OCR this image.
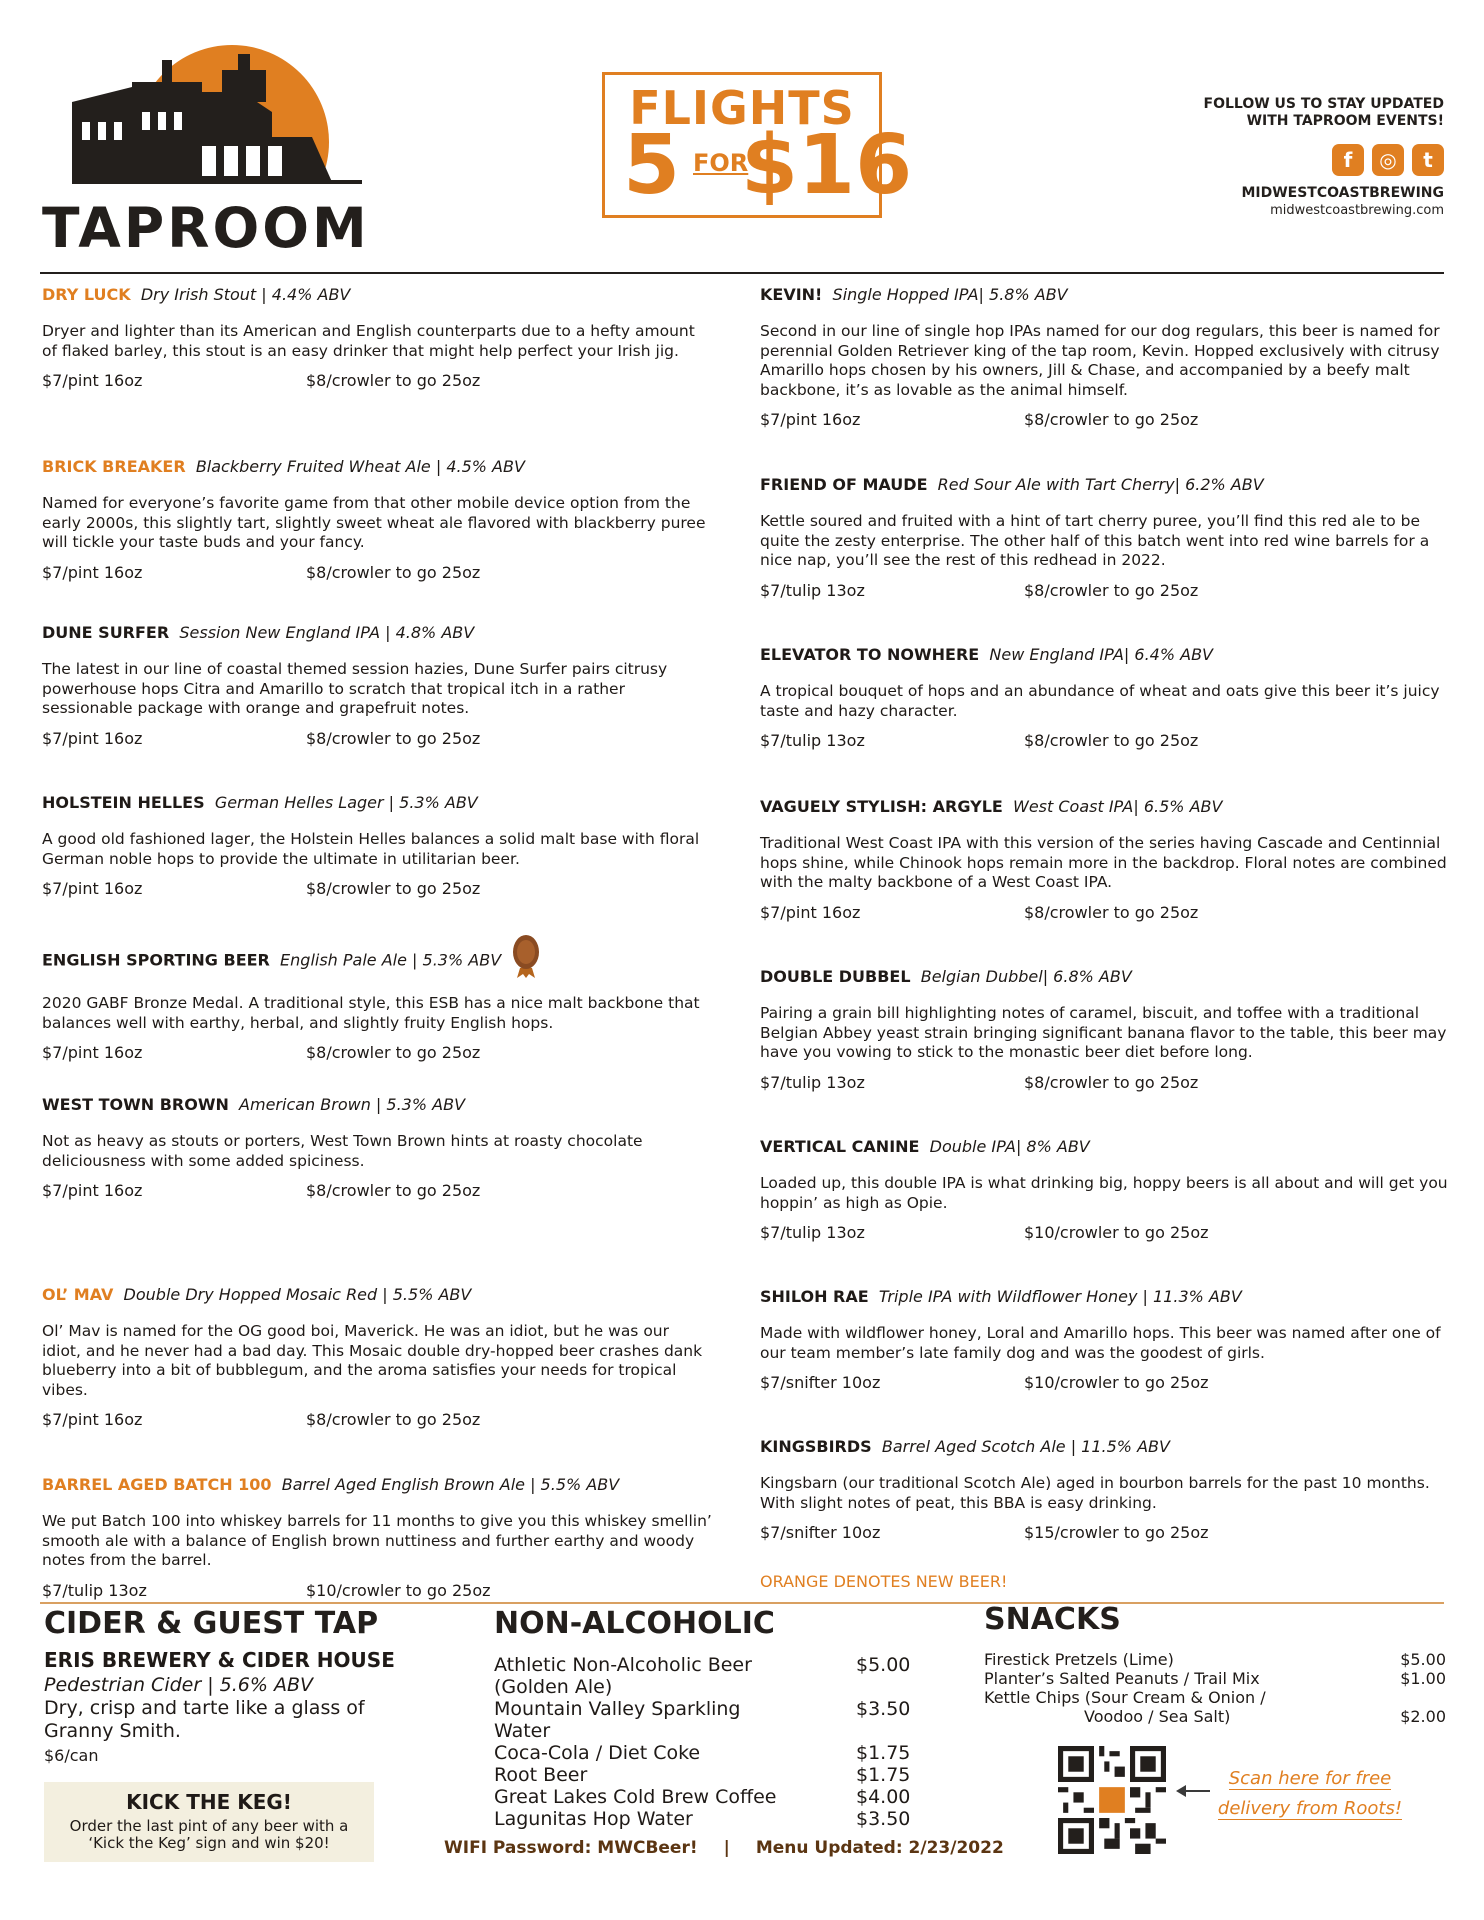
TAPROOM
FLIGHTS
5 FOR
$16
FOLLOW US TO STAY UPDATED
WITH TAPROOM EVENTS!
f	◎	t
MIDWESTCOASTBREWING
midwestcoastbrewing.com
DRY LUCK Dry Irish Stout | 4.4% ABV
Dryer and lighter than its American and English counterparts due to a hefty amount of flaked barley, this stout is an easy drinker that might help perfect your Irish jig.
$7/pint 16oz	$8/crowler to go 25oz
BRICK BREAKER Blackberry Fruited Wheat Ale | 4.5% ABV
Named for everyone’s favorite game from that other mobile device option from the early 2000s, this slightly tart, slightly sweet wheat ale flavored with blackberry puree will tickle your taste buds and your fancy.
$7/pint 16oz	$8/crowler to go 25oz
DUNE SURFER Session New England IPA | 4.8% ABV
The latest in our line of coastal themed session hazies, Dune Surfer pairs citrusy powerhouse hops Citra and Amarillo to scratch that tropical itch in a rather sessionable package with orange and grapefruit notes.
$7/pint 16oz	$8/crowler to go 25oz
HOLSTEIN HELLES German Helles Lager | 5.3% ABV
A good old fashioned lager, the Holstein Helles balances a solid malt base with floral German noble hops to provide the ultimate in utilitarian beer.
$7/pint 16oz	$8/crowler to go 25oz
ENGLISH SPORTING BEER English Pale Ale | 5.3% ABV
2020 GABF Bronze Medal. A traditional style, this ESB has a nice malt backbone that balances well with earthy, herbal, and slightly fruity English hops.
$7/pint 16oz	$8/crowler to go 25oz
WEST TOWN BROWN American Brown | 5.3% ABV
Not as heavy as stouts or porters, West Town Brown hints at roasty chocolate deliciousness with some added spiciness.
$7/pint 16oz	$8/crowler to go 25oz
OL’ MAV Double Dry Hopped Mosaic Red | 5.5% ABV
Ol’ Mav is named for the OG good boi, Maverick. He was an idiot, but he was our idiot, and he never had a bad day. This Mosaic double dry-hopped beer crashes dank blueberry into a bit of bubblegum, and the aroma satisfies your needs for tropical vibes.
$7/pint 16oz	$8/crowler to go 25oz
BARREL AGED BATCH 100 Barrel Aged English Brown Ale | 5.5% ABV
We put Batch 100 into whiskey barrels for 11 months to give you this whiskey smellin’ smooth ale with a balance of English brown nuttiness and further earthy and woody notes from the barrel.
$7/tulip 13oz	$10/crowler to go 25oz
KEVIN! Single Hopped IPA| 5.8% ABV
Second in our line of single hop IPAs named for our dog regulars, this beer is named for perennial Golden Retriever king of the tap room, Kevin. Hopped exclusively with citrusy Amarillo hops chosen by his owners, Jill & Chase, and accompanied by a beefy malt backbone, it’s as lovable as the animal himself.
$7/pint 16oz	$8/crowler to go 25oz
FRIEND OF MAUDE Red Sour Ale with Tart Cherry| 6.2% ABV
Kettle soured and fruited with a hint of tart cherry puree, you’ll find this red ale to be quite the zesty enterprise. The other half of this batch went into red wine barrels for a nice nap, you’ll see the rest of this redhead in 2022.
$7/tulip 13oz	$8/crowler to go 25oz
ELEVATOR TO NOWHERE New England IPA| 6.4% ABV
A tropical bouquet of hops and an abundance of wheat and oats give this beer it’s juicy taste and hazy character.
$7/tulip 13oz	$8/crowler to go 25oz
VAGUELY STYLISH: ARGYLE West Coast IPA| 6.5% ABV
Traditional West Coast IPA with this version of the series having Cascade and Centinnial hops shine, while Chinook hops remain more in the backdrop. Floral notes are combined with the malty backbone of a West Coast IPA.
$7/pint 16oz	$8/crowler to go 25oz
DOUBLE DUBBEL Belgian Dubbel| 6.8% ABV
Pairing a grain bill highlighting notes of caramel, biscuit, and toffee with a traditional Belgian Abbey yeast strain bringing significant banana flavor to the table, this beer may have you vowing to stick to the monastic beer diet before long.
$7/tulip 13oz	$8/crowler to go 25oz
VERTICAL CANINE Double IPA| 8% ABV
Loaded up, this double IPA is what drinking big, hoppy beers is all about and will get you hoppin’ as high as Opie.
$7/tulip 13oz	$10/crowler to go 25oz
SHILOH RAE Triple IPA with Wildflower Honey | 11.3% ABV
Made with wildflower honey, Loral and Amarillo hops. This beer was named after one of our team member’s late family dog and was the goodest of girls.
$7/snifter 10oz	$10/crowler to go 25oz
KINGSBIRDS Barrel Aged Scotch Ale | 11.5% ABV
Kingsbarn (our traditional Scotch Ale) aged in bourbon barrels for the past 10 months. With slight notes of peat, this BBA is easy drinking.
$7/snifter 10oz	$15/crowler to go 25oz
ORANGE DENOTES NEW BEER!
CIDER & GUEST TAP
ERIS BREWERY & CIDER HOUSE
Pedestrian Cider | 5.6% ABV
Dry, crisp and tarte like a glass of Granny Smith.
$6/can
KICK THE KEG!
Order the last pint of any beer with a ‘Kick the Keg’ sign and win $20!
NON-ALCOHOLIC
Athletic Non-Alcoholic Beer (Golden Ale)
$5.00
Mountain Valley Sparkling Water
$3.50
Coca-Cola / Diet Coke	$1.75
Root Beer	$1.75
Great Lakes Cold Brew Coffee	$4.00
Lagunitas Hop Water	$3.50
SNACKS
Firestick Pretzels (Lime)	$5.00
Planter’s Salted Peanuts / Trail Mix	$1.00
Kettle Chips (Sour Cream & Onion /
Voodoo / Sea Salt)	$2.00
Scan here for free
delivery from Roots!
WIFI Password: MWCBeer! | Menu Updated: 2/23/2022
